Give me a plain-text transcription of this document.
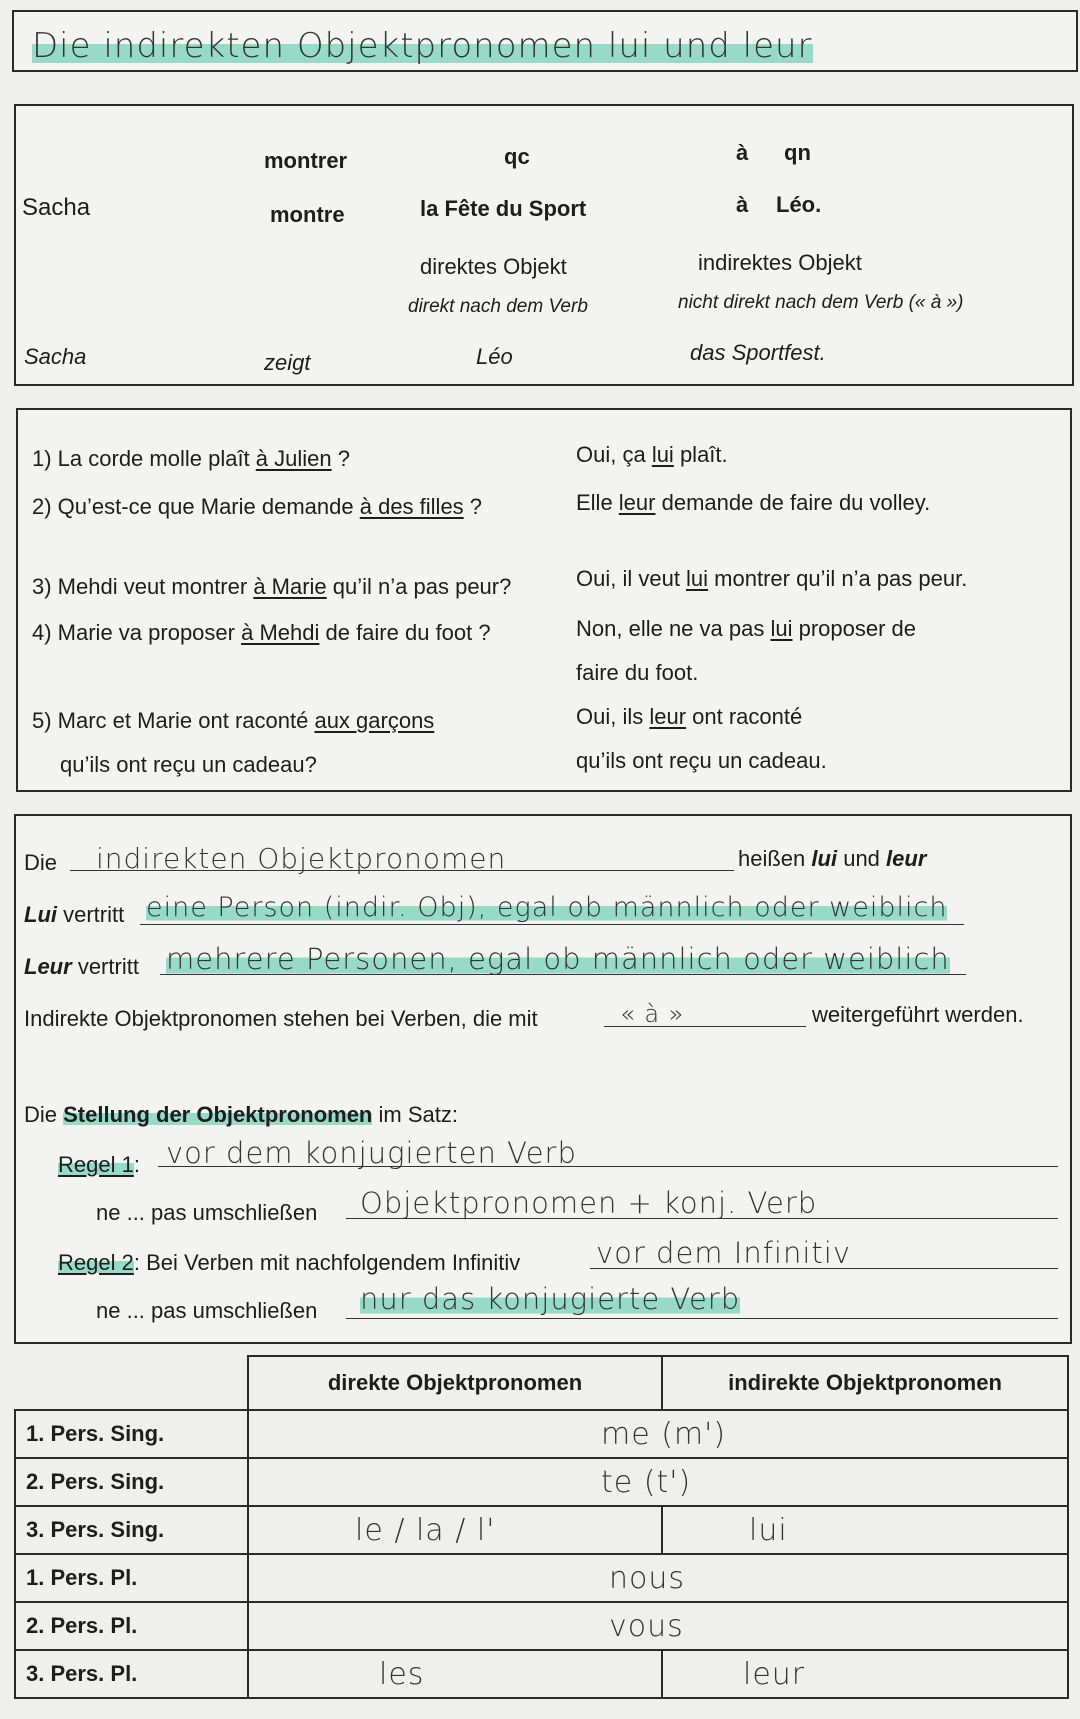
Die indirekten Objektpronomen lui und leur
montrer	qc	à qn
Sacha	montre	la Fête du Sport	à Léo.
direktes Objekt	indirektes Objekt
direkt nach dem Verb	nicht direkt nach dem Verb (« à »)
Sacha	zeigt	Léo	das Sportfest.
1) La corde molle plaît à Julien ?	Oui, ça lui plaît.
2) Qu’est-ce que Marie demande à des filles ?	Elle leur demande de faire du volley.
3) Mehdi veut montrer à Marie qu’il n’a pas peur?	Oui, il veut lui montrer qu’il n’a pas peur.
4) Marie va proposer à Mehdi de faire du foot ?	Non, elle ne va pas lui proposer de
faire du foot.
5) Marc et Marie ont raconté aux garçons	Oui, ils leur ont raconté
qu’ils ont reçu un cadeau?	qu’ils ont reçu un cadeau.
Die indirekten Objektpronomen	heißen lui und leur
Lui vertritt eine Person (indir. Obj), egal ob männlich oder weiblich
Leur vertritt mehrere Personen, egal ob männlich oder weiblich
Indirekte Objektpronomen stehen bei Verben, die mit	« à »	weitergeführt werden.
Die Stellung der Objektpronomen im Satz:
Regel 1: vor dem konjugierten Verb
ne ... pas umschließen Objektpronomen + konj. Verb
Regel 2: Bei Verben mit nachfolgendem Infinitiv	vor dem Infinitiv
ne ... pas umschließen nur das konjugierte Verb
	direkte Objektpronomen	indirekte Objektpronomen
1. Pers. Sing.	me (m')	
2. Pers. Sing.	te (t')	
3. Pers. Sing.	le / la / l'	lui
1. Pers. Pl.	nous	
2. Pers. Pl.	vous	
3. Pers. Pl.	les	leur
